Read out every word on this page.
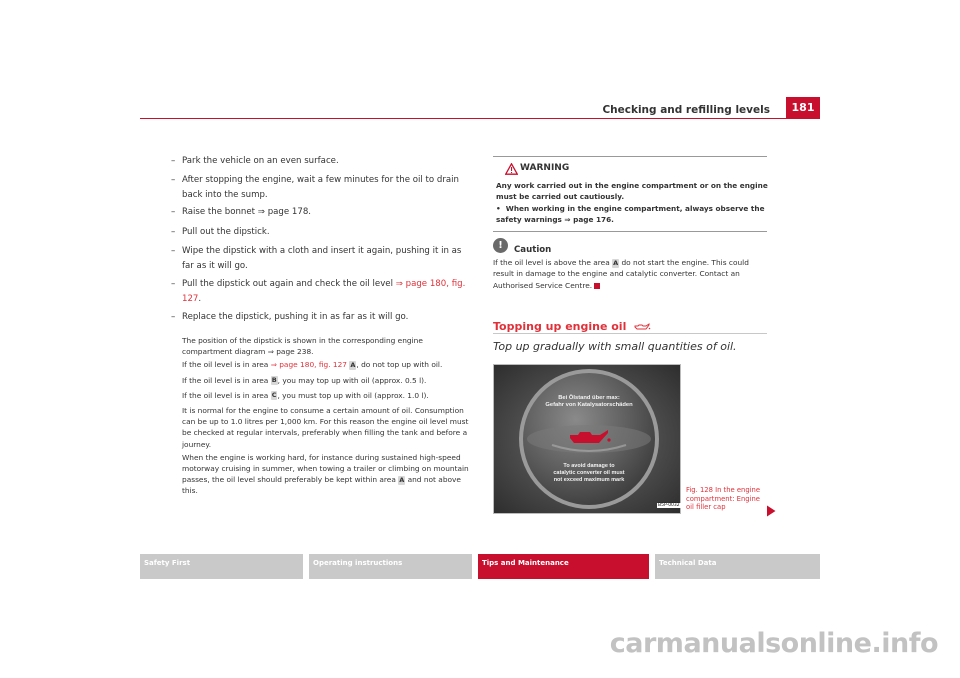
Checking and refilling levels	181
– Park the vehicle on an even surface.
– After stopping the engine, wait a few minutes for the oil to drain back into the sump.
– Raise the bonnet ⇒ page 178.
– Pull out the dipstick.
– Wipe the dipstick with a cloth and insert it again, pushing it in as far as it will go.
– Pull the dipstick out again and check the oil level ⇒ page 180, fig. 127.
– Replace the dipstick, pushing it in as far as it will go.

The position of the dipstick is shown in the corresponding engine compartment diagram ⇒ page 238.

If the oil level is in area ⇒ page 180, fig. 127 A, do not top up with oil.

If the oil level is in area B, you may top up with oil (approx. 0.5 l).

If the oil level is in area C, you must top up with oil (approx. 1.0 l).

It is normal for the engine to consume a certain amount of oil. Consumption can be up to 1.0 litres per 1,000 km. For this reason the engine oil level must be checked at regular intervals, preferably when filling the tank and before a journey.

When the engine is working hard, for instance during sustained high-speed motorway cruising in summer, when towing a trailer or climbing on mountain passes, the oil level should preferably be kept within area A and not above this.

WARNING

Any work carried out in the engine compartment or on the engine must be carried out cautiously.

• When working in the engine compartment, always observe the safety warnings ⇒ page 176.

!	Caution

If the oil level is above the area A do not start the engine. This could result in damage to the engine and catalytic converter. Contact an Authorised Service Centre.

Topping up engine oil
Top up gradually with small quantities of oil.
Bei Ölstand über max:
Gefahr von Katalysatorschäden
To avoid damage to
catalytic converter oil must
not exceed maximum mark
B5P-0032
Fig. 128 In the engine compartment: Engine oil filler cap
Safety First	Operating instructions	Tips and Maintenance	Technical Data
carmanualsonline.info
